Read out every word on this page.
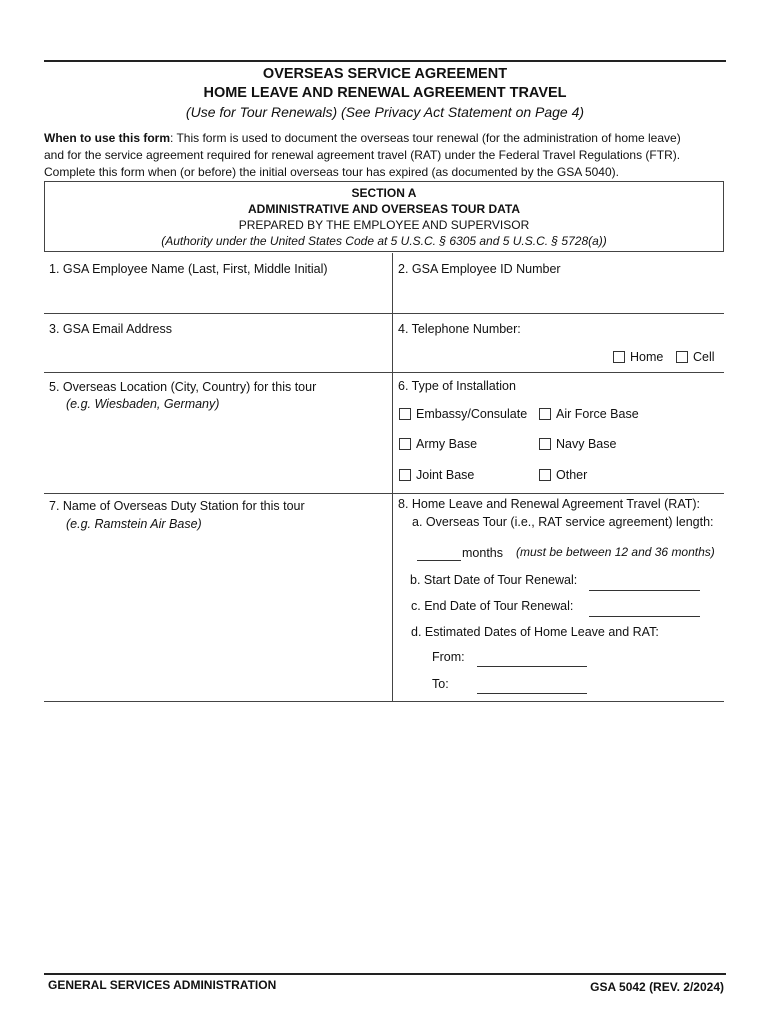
OVERSEAS SERVICE AGREEMENT
HOME LEAVE AND RENEWAL AGREEMENT TRAVEL
(Use for Tour Renewals) (See Privacy Act Statement on Page 4)
When to use this form: This form is used to document the overseas tour renewal (for the administration of home leave)
and for the service agreement required for renewal agreement travel (RAT) under the Federal Travel Regulations (FTR).
Complete this form when (or before) the initial overseas tour has expired (as documented by the GSA 5040).
SECTION A
ADMINISTRATIVE AND OVERSEAS TOUR DATA
PREPARED BY THE EMPLOYEE AND SUPERVISOR
(Authority under the United States Code at 5 U.S.C. § 6305 and 5 U.S.C. § 5728(a))
1. GSA Employee Name (Last, First, Middle Initial)	2. GSA Employee ID Number
3. GSA Email Address	4. Telephone Number:
Home Cell
5. Overseas Location (City, Country) for this tour
(e.g. Wiesbaden, Germany)
6. Type of Installation
Embassy/Consulate Air Force Base
Army Base	Navy Base
Joint Base	Other
7. Name of Overseas Duty Station for this tour
(e.g. Ramstein Air Base)
8. Home Leave and Renewal Agreement Travel (RAT):
a. Overseas Tour (i.e., RAT service agreement) length:
months (must be between 12 and 36 months)
b. Start Date of Tour Renewal:
c. End Date of Tour Renewal:
d. Estimated Dates of Home Leave and RAT:
From:
To:
GENERAL SERVICES ADMINISTRATION	GSA 5042 (REV. 2/2024)
